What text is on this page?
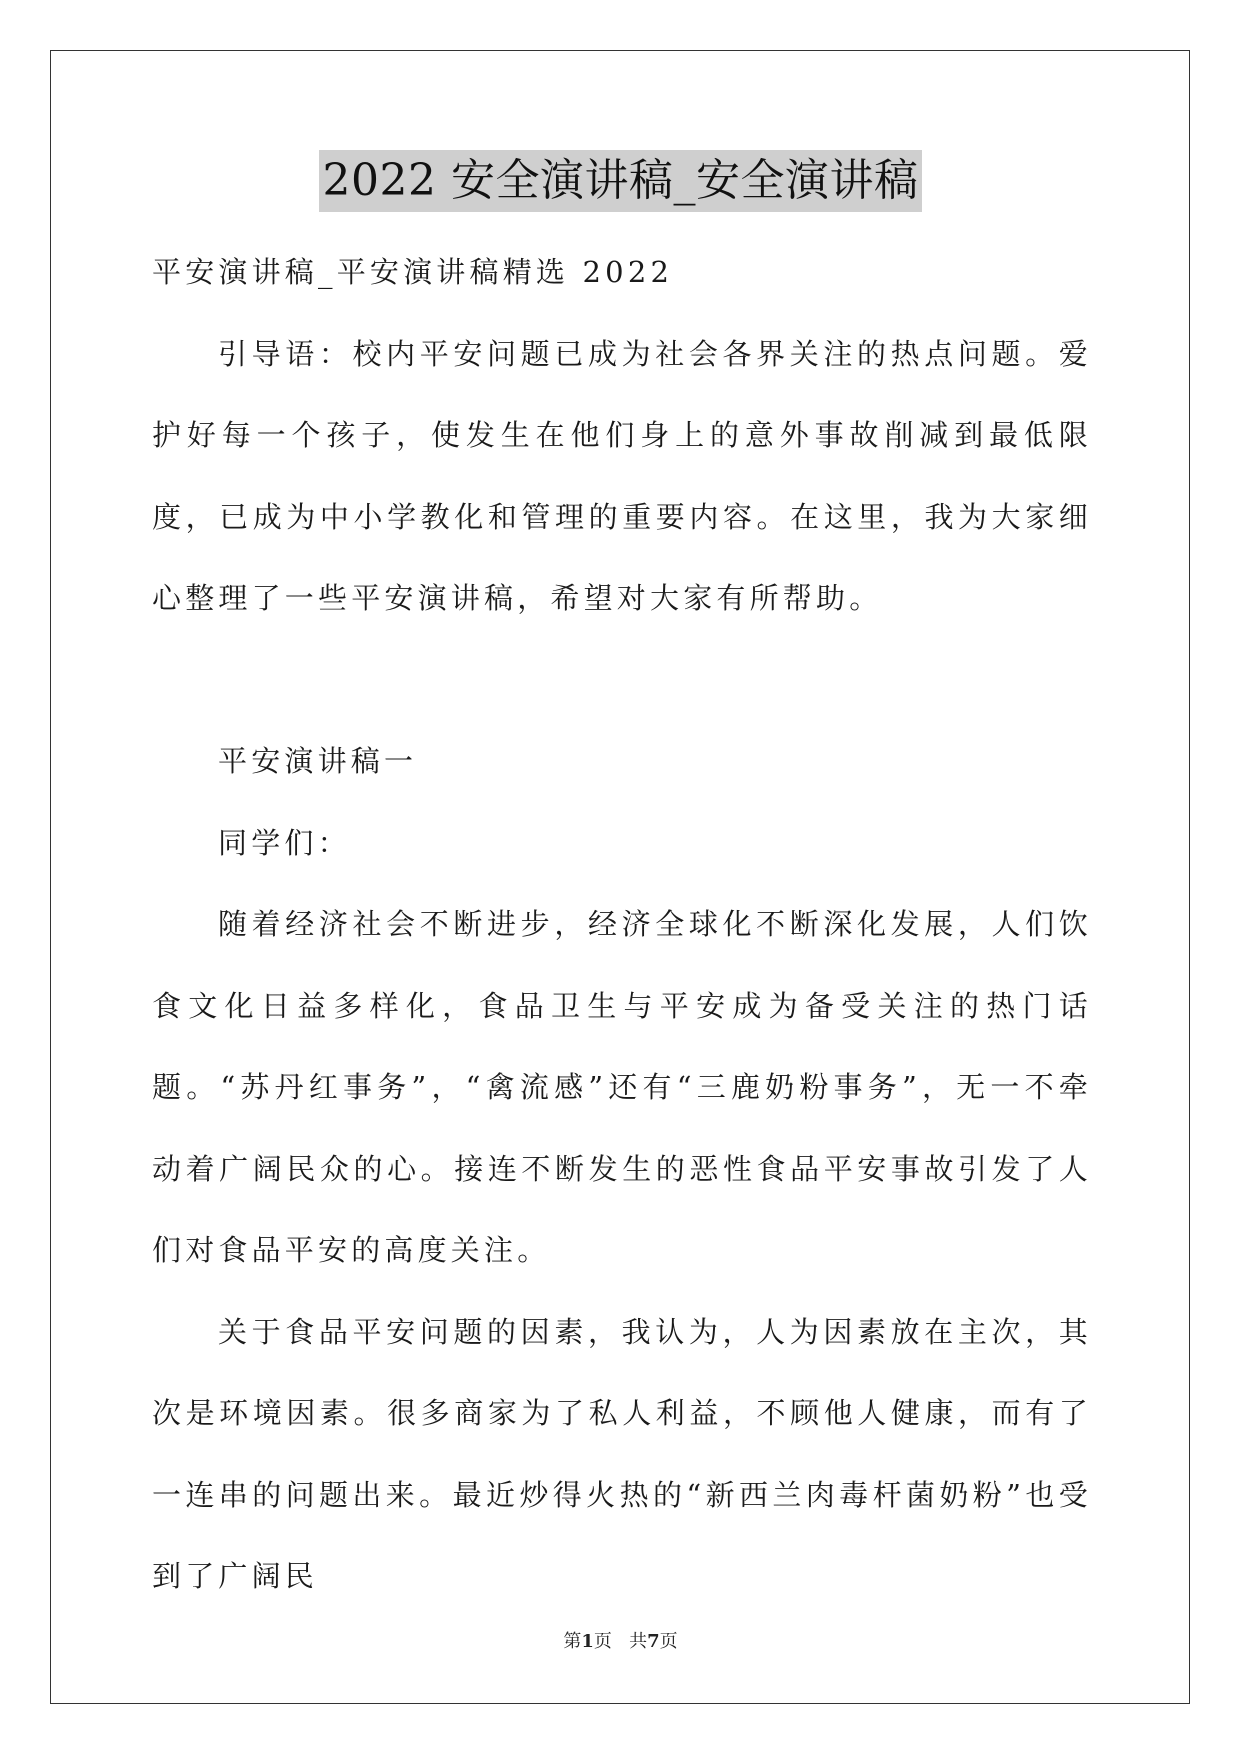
2022 安全演讲稿_安全演讲稿

平安演讲稿_平安演讲稿精选 2022

引导语：校内平安问题已成为社会各界关注的热点问题。爱护好每一个孩子，使发生在他们身上的意外事故削减到最低限度，已成为中小学教化和管理的重要内容。在这里，我为大家细心整理了一些平安演讲稿，希望对大家有所帮助。

平安演讲稿一

同学们：

随着经济社会不断进步，经济全球化不断深化发展，人们饮食文化日益多样化，食品卫生与平安成为备受关注的热门话题。“苏丹红事务”，“禽流感”还有“三鹿奶粉事务”，无一不牵动着广阔民众的心。接连不断发生的恶性食品平安事故引发了人们对食品平安的高度关注。

关于食品平安问题的因素，我认为，人为因素放在主次，其次是环境因素。很多商家为了私人利益，不顾他人健康，而有了一连串的问题出来。最近炒得火热的“新西兰肉毒杆菌奶粉”也受到了广阔民

第1页 共7页
